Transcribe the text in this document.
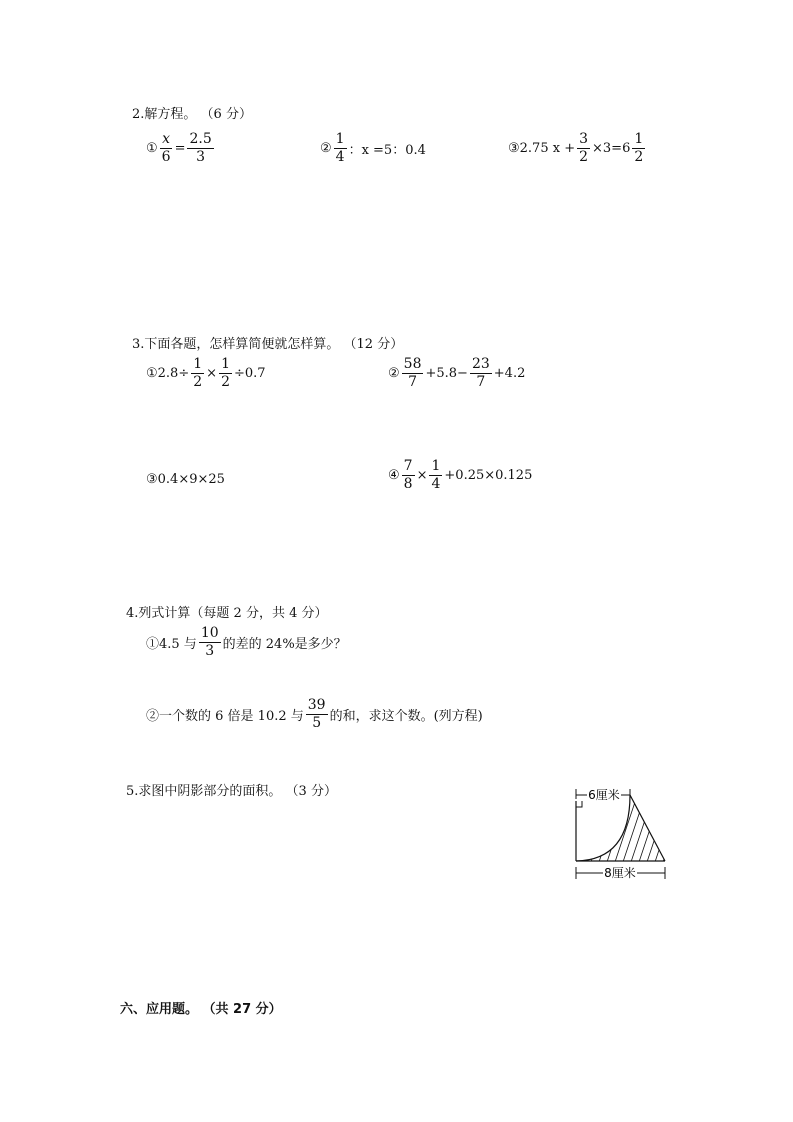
2.解方程。 （6 分）
① $\frac{x}{6} = \frac{2.5}{3}$	② $\frac{1}{4}$ ：x =5：0.4	③2.75 $x + \frac{3}{2} \times 3=6 \frac{1}{2}$
3.下面各题，怎样算简便就怎样算。 （12 分）
①2.8÷ $\frac{1}{2} \times \frac{1}{2} \div 0.7$	② $\frac{58}{7} +5.8- \frac{23}{7} +4.2$
③0.4×9×25	④ $\frac{7}{8} \times \frac{1}{4} +0.25\times 0.125$
4.列式计算（每题 2 分，共 4 分）
①4.5 与 $\frac{10}{3}$ 的差的 24%是多少？
②一个数的 6 倍是 10.2 与 $\frac{39}{5}$ 的和，求这个数。(列方程)
5.求图中阴影部分的面积。 （3 分）	6厘米
8厘米
六、应用题。 （共 27 分）
